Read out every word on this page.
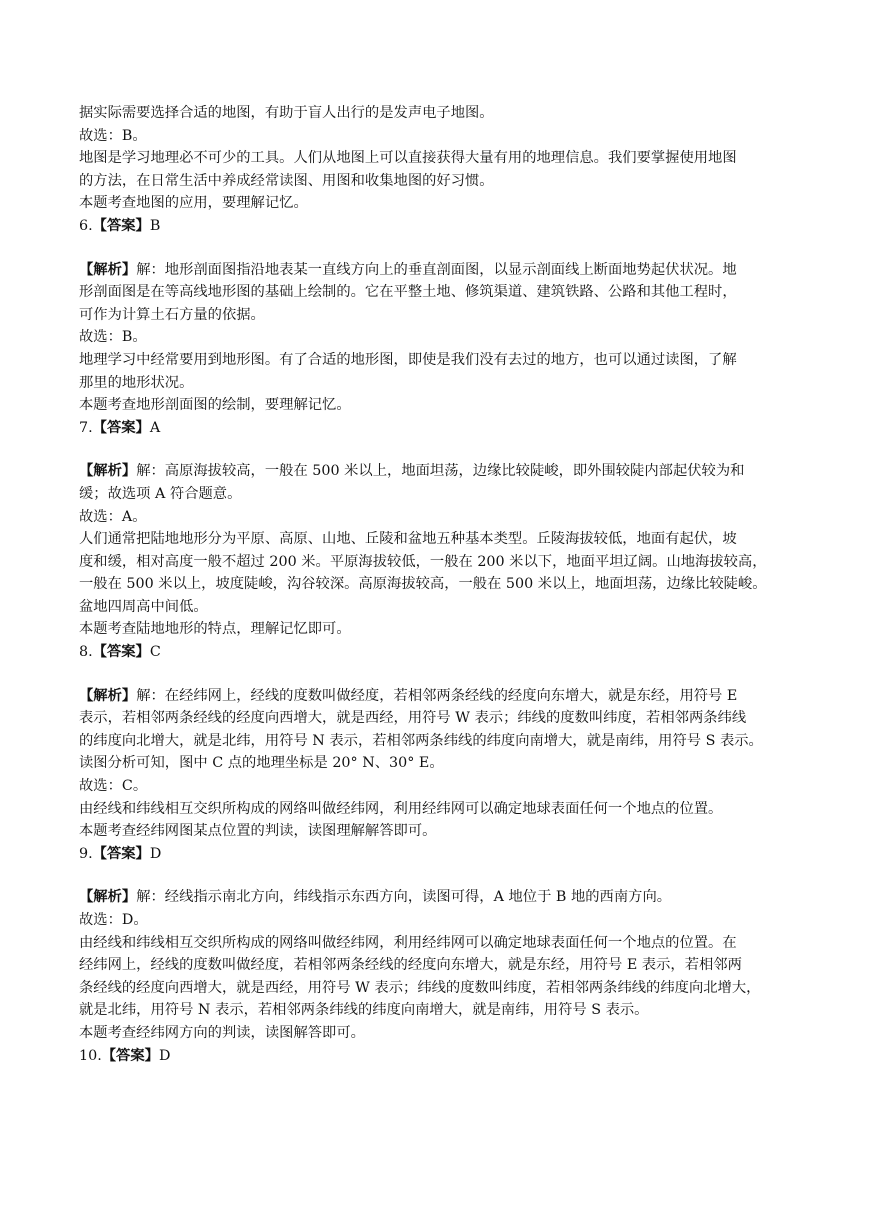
据实际需要选择合适的地图，有助于盲人出行的是发声电子地图。
故选：B。
地图是学习地理必不可少的工具。人们从地图上可以直接获得大量有用的地理信息。我们要掌握使用地图
的方法，在日常生活中养成经常读图、用图和收集地图的好习惯。
本题考查地图的应用，要理解记忆。
6.【答案】B
【解析】解：地形剖面图指沿地表某一直线方向上的垂直剖面图，以显示剖面线上断面地势起伏状况。地
形剖面图是在等高线地形图的基础上绘制的。它在平整土地、修筑渠道、建筑铁路、公路和其他工程时，
可作为计算土石方量的依据。
故选：B。
地理学习中经常要用到地形图。有了合适的地形图，即使是我们没有去过的地方，也可以通过读图，了解
那里的地形状况。
本题考查地形剖面图的绘制，要理解记忆。
7.【答案】A
【解析】解：高原海拔较高，一般在 500 米以上，地面坦荡，边缘比较陡峻，即外围较陡内部起伏较为和
缓；故选项 A 符合题意。
故选：A。
人们通常把陆地地形分为平原、高原、山地、丘陵和盆地五种基本类型。丘陵海拔较低，地面有起伏，坡
度和缓，相对高度一般不超过 200 米。平原海拔较低，一般在 200 米以下，地面平坦辽阔。山地海拔较高，
一般在 500 米以上，坡度陡峻，沟谷较深。高原海拔较高，一般在 500 米以上，地面坦荡，边缘比较陡峻。
盆地四周高中间低。
本题考查陆地地形的特点，理解记忆即可。
8.【答案】C
【解析】解：在经纬网上，经线的度数叫做经度，若相邻两条经线的经度向东增大，就是东经，用符号 E
表示，若相邻两条经线的经度向西增大，就是西经，用符号 W 表示；纬线的度数叫纬度，若相邻两条纬线
的纬度向北增大，就是北纬，用符号 N 表示，若相邻两条纬线的纬度向南增大，就是南纬，用符号 S 表示。
读图分析可知，图中 C 点的地理坐标是 20° N、30° E。
故选：C。
由经线和纬线相互交织所构成的网络叫做经纬网，利用经纬网可以确定地球表面任何一个地点的位置。
本题考查经纬网图某点位置的判读，读图理解解答即可。
9.【答案】D
【解析】解：经线指示南北方向，纬线指示东西方向，读图可得，A 地位于 B 地的西南方向。
故选：D。
由经线和纬线相互交织所构成的网络叫做经纬网，利用经纬网可以确定地球表面任何一个地点的位置。在
经纬网上，经线的度数叫做经度，若相邻两条经线的经度向东增大，就是东经，用符号 E 表示，若相邻两
条经线的经度向西增大，就是西经，用符号 W 表示；纬线的度数叫纬度，若相邻两条纬线的纬度向北增大，
就是北纬，用符号 N 表示，若相邻两条纬线的纬度向南增大，就是南纬，用符号 S 表示。
本题考查经纬网方向的判读，读图解答即可。
10.【答案】D
